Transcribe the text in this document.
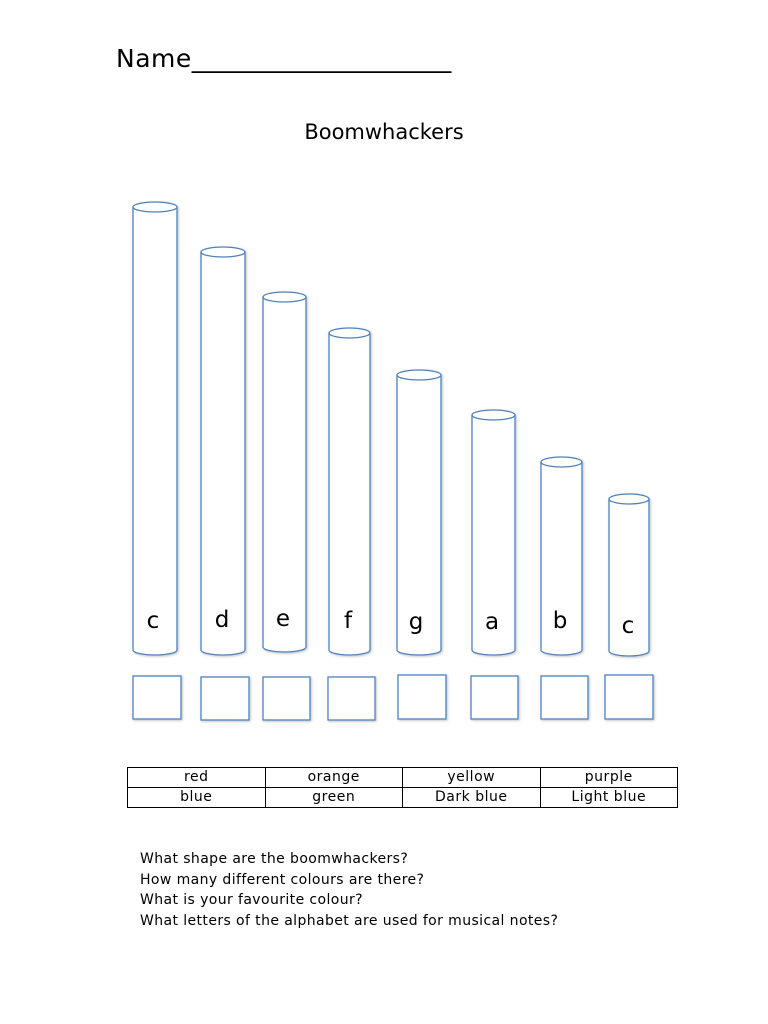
Name____________________
Boomwhackers
c d e f g	a b c
red	orange	yellow	purple
blue	green	Dark blue	Light blue
What shape are the boomwhackers?
How many different colours are there?
What is your favourite colour?
What letters of the alphabet are used for musical notes?
